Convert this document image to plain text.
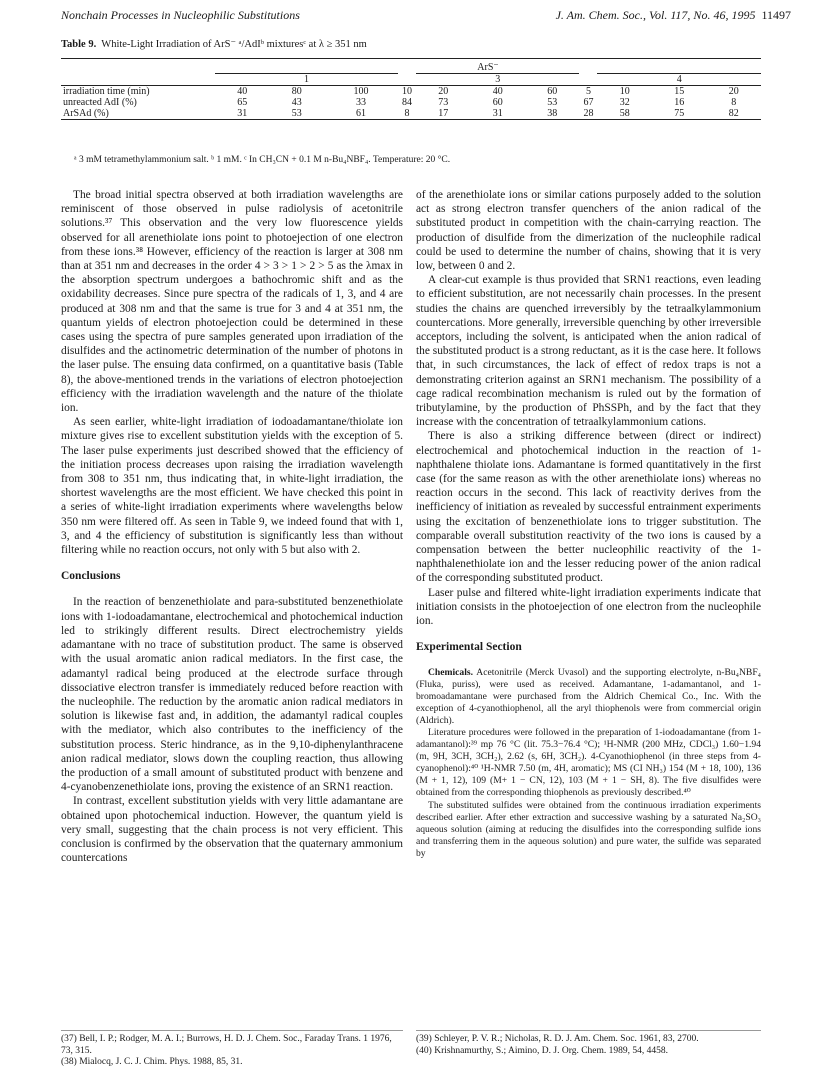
Nonchain Processes in Nucleophilic Substitutions	J. Am. Chem. Soc., Vol. 117, No. 46, 1995 11497
Table 9. White-Light Irradiation of ArS⁻ ᵃ/AdIᵇ mixturesᶜ at λ ≥ 351 nm
	ArS⁻										
	1				3				4		
irradiation time (min)	40	80	100	10	20	40	60	5	10	15	20
unreacted AdI (%)	65	43	33	84	73	60	53	67	32	16	8
ArSAd (%)	31	53	61	8	17	31	38	28	58	75	82
ᵃ 3 mM tetramethylammonium salt. ᵇ 1 mM. ᶜ In CH₃CN + 0.1 M n-Bu₄NBF₄. Temperature: 20 °C.

The broad initial spectra observed at both irradiation wavelengths are reminiscent of those observed in pulse radiolysis of acetonitrile solutions.³⁷ This observation and the very low fluorescence yields observed for all arenethiolate ions point to photoejection of one electron from these ions.³⁸ However, efficiency of the reaction is larger at 308 nm than at 351 nm and decreases in the order 4 > 3 > 1 > 2 > 5 as the λmax in the absorption spectrum undergoes a bathochromic shift and as the oxidability decreases. Since pure spectra of the radicals of 1, 3, and 4 are produced at 308 nm and that the same is true for 3 and 4 at 351 nm, the quantum yields of electron photoejection could be determined in these cases using the spectra of pure samples generated upon irradiation of the disulfides and the actinometric determination of the number of photons in the laser pulse. The ensuing data confirmed, on a quantitative basis (Table 8), the above-mentioned trends in the variations of electron photoejection efficiency with the irradiation wavelength and the nature of the thiolate ion.

As seen earlier, white-light irradiation of iodoadamantane/thiolate ion mixture gives rise to excellent substitution yields with the exception of 5. The laser pulse experiments just described showed that the efficiency of the initiation process decreases upon raising the irradiation wavelength from 308 to 351 nm, thus indicating that, in white-light irradiation, the shortest wavelengths are the most efficient. We have checked this point in a series of white-light irradiation experiments where wavelengths below 350 nm were filtered off. As seen in Table 9, we indeed found that with 1, 3, and 4 the efficiency of substitution is significantly less than without filtering while no reaction occurs, not only with 5 but also with 2.

Conclusions

In the reaction of benzenethiolate and para-substituted benzenethiolate ions with 1-iodoadamantane, electrochemical and photochemical induction led to strikingly different results. Direct electrochemistry yields adamantane with no trace of substitution product. The same is observed with the usual aromatic anion radical mediators. In the first case, the adamantyl radical being produced at the electrode surface through dissociative electron transfer is immediately reduced before reaction with the nucleophile. The reduction by the aromatic anion radical mediators in solution is likewise fast and, in addition, the adamantyl radical couples with the mediator, which also contributes to the inefficiency of the substitution process. Steric hindrance, as in the 9,10-diphenylanthracene anion radical mediator, slows down the coupling reaction, thus allowing the production of a small amount of substituted product with benzene and 4-cyanobenzenethiolate ions, proving the existence of an SRN1 reaction.

In contrast, excellent substitution yields with very little adamantane are obtained upon photochemical induction. However, the quantum yield is very small, suggesting that the chain process is not very efficient. This conclusion is confirmed by the observation that the quaternary ammonium countercations

of the arenethiolate ions or similar cations purposely added to the solution act as strong electron transfer quenchers of the anion radical of the substituted product in competition with the chain-carrying reaction. The production of disulfide from the dimerization of the nucleophile radical could be used to determine the number of chains, showing that it is very low, between 0 and 2.

A clear-cut example is thus provided that SRN1 reactions, even leading to efficient substitution, are not necessarily chain processes. In the present studies the chains are quenched irreversibly by the tetraalkylammonium countercations. More generally, irreversible quenching by other irreversible acceptors, including the solvent, is anticipated when the anion radical of the substituted product is a strong reductant, as it is the case here. It follows that, in such circumstances, the lack of effect of redox traps is not a demonstrating criterion against an SRN1 mechanism. The possibility of a cage radical recombination mechanism is ruled out by the formation of tributylamine, by the production of PhSSPh, and by the fact that they increase with the concentration of tetraalkylammonium cations.

There is also a striking difference between (direct or indirect) electrochemical and photochemical induction in the reaction of 1-naphthalene thiolate ions. Adamantane is formed quantitatively in the first case (for the same reason as with the other arenethiolate ions) whereas no reaction occurs in the second. This lack of reactivity derives from the inefficiency of initiation as revealed by successful entrainment experiments using the excitation of benzenethiolate ions to trigger substitution. The comparable overall substitution reactivity of the two ions is caused by a compensation between the better nucleophilic reactivity of the 1-naphthalenethiolate ion and the lesser reducing power of the anion radical of the corresponding substituted product.

Laser pulse and filtered white-light irradiation experiments indicate that initiation consists in the photoejection of one electron from the nucleophile ion.

Experimental Section

Chemicals. Acetonitrile (Merck Uvasol) and the supporting electrolyte, n-Bu₄NBF₄ (Fluka, puriss), were used as received. Adamantane, 1-adamantanol, and 1-bromoadamantane were purchased from the Aldrich Chemical Co., Inc. With the exception of 4-cyanothiophenol, all the aryl thiophenols were from commercial origin (Aldrich).

Literature procedures were followed in the preparation of 1-iodoadamantane (from 1-adamantanol):³⁹ mp 76 °C (lit. 75.3−76.4 °C); ¹H-NMR (200 MHz, CDCl₃) 1.60−1.94 (m, 9H, 3CH, 3CH₂), 2.62 (s, 6H, 3CH₂). 4-Cyanothiophenol (in three steps from 4-cyanophenol):⁴⁰ ¹H-NMR 7.50 (m, 4H, aromatic); MS (CI NH₃) 154 (M + 18, 100), 136 (M + 1, 12), 109 (M+ 1 − CN, 12), 103 (M + 1 − SH, 8). The five disulfides were obtained from the corresponding thiophenols as previously described.⁴⁰

The substituted sulfides were obtained from the continuous irradiation experiments described earlier. After ether extraction and successive washing by a saturated Na₂SO₃ aqueous solution (aiming at reducing the disulfides into the corresponding sulfide ions and transferring them in the aqueous solution) and pure water, the sulfide was separated by

(37) Bell, I. P.; Rodger, M. A. I.; Burrows, H. D. J. Chem. Soc., Faraday Trans. 1 1976, 73, 315.
(38) Mialocq, J. C. J. Chim. Phys. 1988, 85, 31.
(39) Schleyer, P. V. R.; Nicholas, R. D. J. Am. Chem. Soc. 1961, 83, 2700.
(40) Krishnamurthy, S.; Aimino, D. J. Org. Chem. 1989, 54, 4458.
